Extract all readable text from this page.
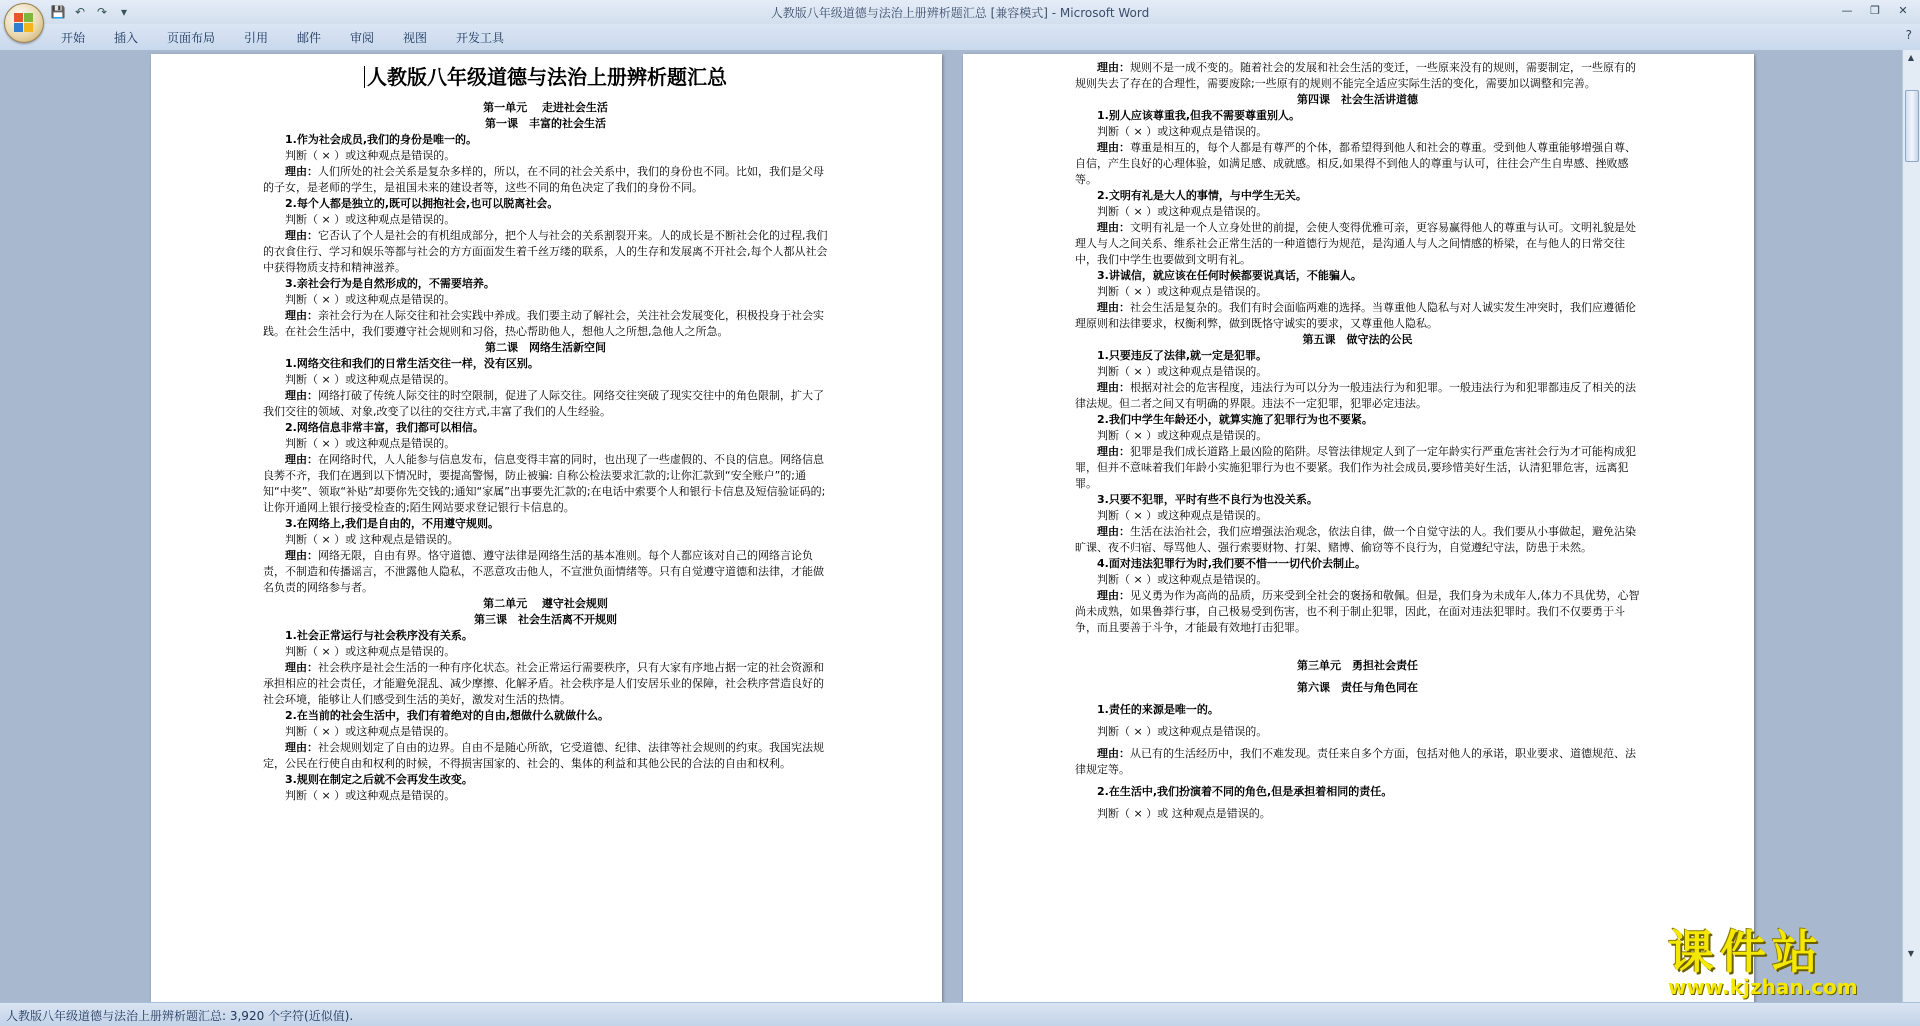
💾 ↶ ↷	▾	人教版八年级道德与法治上册辨析题汇总 [兼容模式] - Microsoft Word	—	❐	✕
开始 插入 页面布局 引用 邮件 审阅 视图 开发工具	?

人教版八年级道德与法治上册辨析题汇总

第一单元　 走进社会生活

第一课　丰富的社会生活

1.作为社会成员,我们的身份是唯一的。

判断（ × ）或这种观点是错误的。

理由：人们所处的社会关系是复杂多样的，所以，在不同的社会关系中，我们的身份也不同。比如，我们是父母的子女，是老师的学生，是祖国未来的建设者等，这些不同的角色决定了我们的身份不同。

2.每个人都是独立的,既可以拥抱社会,也可以脱离社会。

判断（ × ）或这种观点是错误的。

理由：它否认了个人是社会的有机组成部分，把个人与社会的关系割裂开来。人的成长是不断社会化的过程,我们的衣食住行、学习和娱乐等都与社会的方方面面发生着千丝万缕的联系，人的生存和发展离不开社会,每个人都从社会中获得物质支持和精神滋养。

3.亲社会行为是自然形成的，不需要培养。

判断（ × ）或这种观点是错误的。

理由：亲社会行为在人际交往和社会实践中养成。我们要主动了解社会，关注社会发展变化，积极投身于社会实践。在社会生活中，我们要遵守社会规则和习俗，热心帮助他人，想他人之所想,急他人之所急。

第二课　网络生活新空间

1.网络交往和我们的日常生活交往一样，没有区别。

判断（ × ）或这种观点是错误的。

理由：网络打破了传统人际交往的时空限制，促进了人际交往。网络交往突破了现实交往中的角色限制，扩大了我们交往的领域、对象,改变了以往的交往方式,丰富了我们的人生经验。

2.网络信息非常丰富，我们都可以相信。

判断（ × ）或这种观点是错误的。

理由：在网络时代，人人能参与信息发布，信息变得丰富的同时，也出现了一些虚假的、不良的信息。网络信息良莠不齐，我们在遇到以下情况时，要提高警惕，防止被骗: 自称公检法要求汇款的;让你汇款到“安全账户”的;通知“中奖”、领取“补贴”却要你先交钱的;通知“家属”出事要先汇款的;在电话中索要个人和银行卡信息及短信验证码的; 让你开通网上银行接受检查的;陌生网站要求登记银行卡信息的。

3.在网络上,我们是自由的，不用遵守规则。

判断（ × ）或 这种观点是错误的。

理由：网络无限，自由有界。恪守道德、遵守法律是网络生活的基本准则。每个人都应该对自己的网络言论负责，不制造和传播谣言，不泄露他人隐私，不恶意攻击他人，不宣泄负面情绪等。只有自觉遵守道德和法律，才能做名负责的网络参与者。

第二单元　 遵守社会规则

第三课　社会生活离不开规则

1.社会正常运行与社会秩序没有关系。

判断（ × ）或这种观点是错误的。

理由：社会秩序是社会生活的一种有序化状态。社会正常运行需要秩序，只有大家有序地占据一定的社会资源和承担相应的社会责任，才能避免混乱、减少摩擦、化解矛盾。社会秩序是人们安居乐业的保障，社会秩序营造良好的社会环境，能够让人们感受到生活的美好，激发对生活的热情。

2.在当前的社会生活中，我们有着绝对的自由,想做什么就做什么。

判断（ × ）或这种观点是错误的。

理由：社会规则划定了自由的边界。自由不是随心所欲，它受道德、纪律、法律等社会规则的约束。我国宪法规定，公民在行使自由和权利的时候，不得损害国家的、社会的、集体的利益和其他公民的合法的自由和权利。

3.规则在制定之后就不会再发生改变。

判断（ × ）或这种观点是错误的。

理由：规则不是一成不变的。随着社会的发展和社会生活的变迁，一些原来没有的规则，需要制定，一些原有的规则失去了存在的合理性，需要废除;一些原有的规则不能完全适应实际生活的变化，需要加以调整和完善。

第四课　社会生活讲道德

1.别人应该尊重我,但我不需要尊重别人。

判断（ × ）或这种观点是错误的。

理由：尊重是相互的，每个人都是有尊严的个体，都希望得到他人和社会的尊重。受到他人尊重能够增强自尊、自信，产生良好的心理体验，如满足感、成就感。相反,如果得不到他人的尊重与认可，往往会产生自卑感、挫败感等。

2.文明有礼是大人的事情，与中学生无关。

判断（ × ）或这种观点是错误的。

理由：文明有礼是一个人立身处世的前提，会使人变得优雅可亲，更容易赢得他人的尊重与认可。文明礼貌是处理人与人之间关系、维系社会正常生活的一种道德行为规范，是沟通人与人之间情感的桥梁，在与他人的日常交往中，我们中学生也要做到文明有礼。

3.讲诚信，就应该在任何时候都要说真话，不能骗人。

判断（ × ）或这种观点是错误的。

理由：社会生活是复杂的。我们有时会面临两难的选择。当尊重他人隐私与对人诚实发生冲突时，我们应遵循伦理原则和法律要求，权衡利弊，做到既恪守诚实的要求，又尊重他人隐私。

第五课　做守法的公民

1.只要违反了法律,就一定是犯罪。

判断（ × ）或这种观点是错误的。

理由：根据对社会的危害程度，违法行为可以分为一般违法行为和犯罪。一般违法行为和犯罪都违反了相关的法律法规。但二者之间又有明确的界限。违法不一定犯罪，犯罪必定违法。

2.我们中学生年龄还小，就算实施了犯罪行为也不要紧。

判断（ × ）或这种观点是错误的。

理由：犯罪是我们成长道路上最凶险的陷阱。尽管法律规定人到了一定年龄实行严重危害社会行为才可能构成犯罪，但并不意味着我们年龄小实施犯罪行为也不要紧。我们作为社会成员,要珍惜美好生活，认清犯罪危害，远离犯罪。

3.只要不犯罪，平时有些不良行为也没关系。

判断（ × ）或这种观点是错误的。

理由：生活在法治社会，我们应增强法治观念，依法自律，做一个自觉守法的人。我们要从小事做起，避免沾染旷课、夜不归宿、辱骂他人、强行索要财物、打架、赌博、偷窃等不良行为，自觉遵纪守法，防患于未然。

4.面对违法犯罪行为时,我们要不惜一一切代价去制止。

判断（ × ）或这种观点是错误的。

理由：见义勇为作为高尚的品质，历来受到全社会的褒扬和敬佩。但是，我们身为未成年人,体力不具优势，心智尚未成熟，如果鲁莽行事，自己极易受到伤害，也不利于制止犯罪，因此，在面对违法犯罪时。我们不仅要勇于斗争，而且要善于斗争，才能最有效地打击犯罪。

第三单元　勇担社会责任

第六课　责任与角色同在

1.责任的来源是唯一的。

判断（ × ）或这种观点是错误的。

理由：从已有的生活经历中，我们不难发现。责任来自多个方面，包括对他人的承诺，职业要求、道德规范、法律规定等。

2.在生活中,我们扮演着不同的角色,但是承担着相同的责任。

判断（ × ）或 这种观点是错误的。

▲
▼
人教版八年级道德与法治上册辨析题汇总: 3,920 个字符(近似值).
课件站
www.kjzhan.com
